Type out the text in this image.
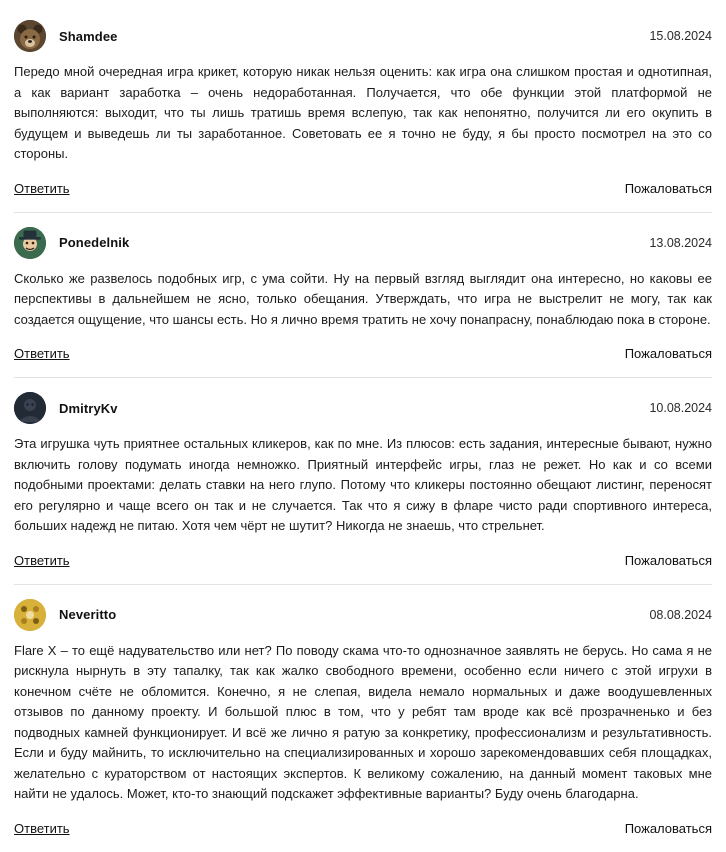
Shamdee	15.08.2024

Передо мной очередная игра крикет, которую никак нельзя оценить: как игра она слишком простая и однотипная, а как вариант заработка – очень недоработанная. Получается, что обе функции этой платформой не выполняются: выходит, что ты лишь тратишь время вслепую, так как непонятно, получится ли его окупить в будущем и выведешь ли ты заработанное. Советовать ее я точно не буду, я бы просто посмотрел на это со стороны.

Ответить	Пожаловаться
Ponedelnik	13.08.2024

Сколько же развелось подобных игр, с ума сойти. Ну на первый взгляд выглядит она интересно, но каковы ее перспективы в дальнейшем не ясно, только обещания. Утверждать, что игра не выстрелит не могу, так как создается ощущение, что шансы есть. Но я лично время тратить не хочу понапрасну, понаблюдаю пока в стороне.

Ответить	Пожаловаться
DmitryKv	10.08.2024

Эта игрушка чуть приятнее остальных кликеров, как по мне. Из плюсов: есть задания, интересные бывают, нужно включить голову подумать иногда немножко. Приятный интерфейс игры, глаз не режет. Но как и со всеми подобными проектами: делать ставки на него глупо. Потому что кликеры постоянно обещают листинг, переносят его регулярно и чаще всего он так и не случается. Так что я сижу в фларе чисто ради спортивного интереса, больших надежд не питаю. Хотя чем чёрт не шутит? Никогда не знаешь, что стрельнет.

Ответить	Пожаловаться
Neveritto	08.08.2024

Flare X – то ещё надувательство или нет? По поводу скама что-то однозначное заявлять не берусь. Но сама я не рискнула нырнуть в эту тапалку, так как жалко свободного времени, особенно если ничего с этой игрухи в конечном счёте не обломится. Конечно, я не слепая, видела немало нормальных и даже воодушевленных отзывов по данному проекту. И большой плюс в том, что у ребят там вроде как всё прозрачненько и без подводных камней функционирует. И всё же лично я ратую за конкретику, профессионализм и результативность. Если и буду майнить, то исключительно на специализированных и хорошо зарекомендовавших себя площадках, желательно с кураторством от настоящих экспертов. К великому сожалению, на данный момент таковых мне найти не удалось. Может, кто-то знающий подскажет эффективные варианты? Буду очень благодарна.

Ответить	Пожаловаться
